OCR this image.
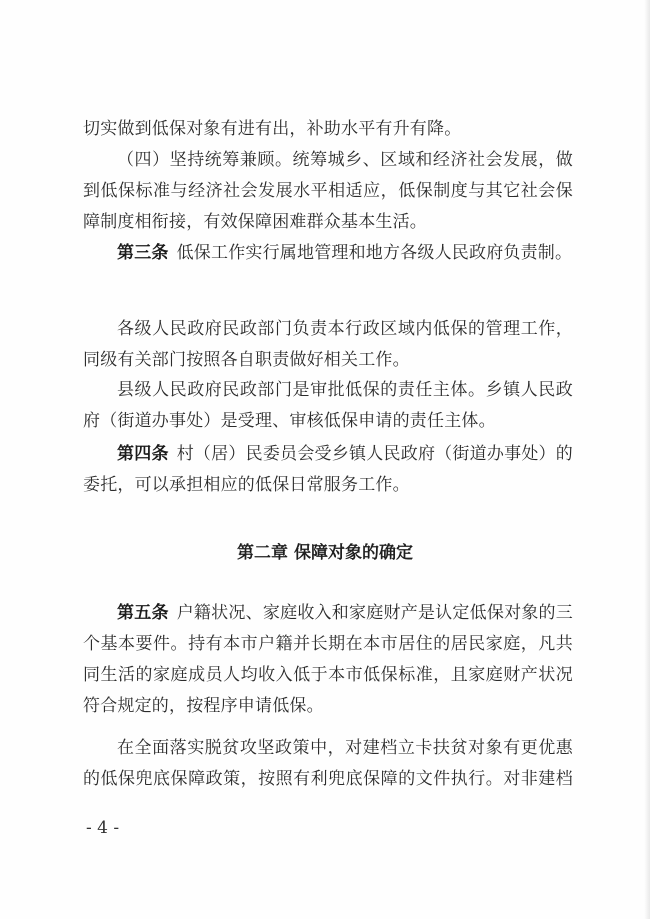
切实做到低保对象有进有出，补助水平有升有降。

（四）坚持统筹兼顾。统筹城乡、区域和经济社会发展，做到低保标准与经济社会发展水平相适应，低保制度与其它社会保障制度相衔接，有效保障困难群众基本生活。

第三条 低保工作实行属地管理和地方各级人民政府负责制。

各级人民政府民政部门负责本行政区域内低保的管理工作，同级有关部门按照各自职责做好相关工作。

县级人民政府民政部门是审批低保的责任主体。乡镇人民政府（街道办事处）是受理、审核低保申请的责任主体。

第四条 村（居）民委员会受乡镇人民政府（街道办事处）的委托，可以承担相应的低保日常服务工作。

第二章 保障对象的确定

第五条 户籍状况、家庭收入和家庭财产是认定低保对象的三个基本要件。持有本市户籍并长期在本市居住的居民家庭，凡共同生活的家庭成员人均收入低于本市低保标准，且家庭财产状况符合规定的，按程序申请低保。

在全面落实脱贫攻坚政策中，对建档立卡扶贫对象有更优惠的低保兜底保障政策，按照有利兜底保障的文件执行。对非建档

- 4 -
